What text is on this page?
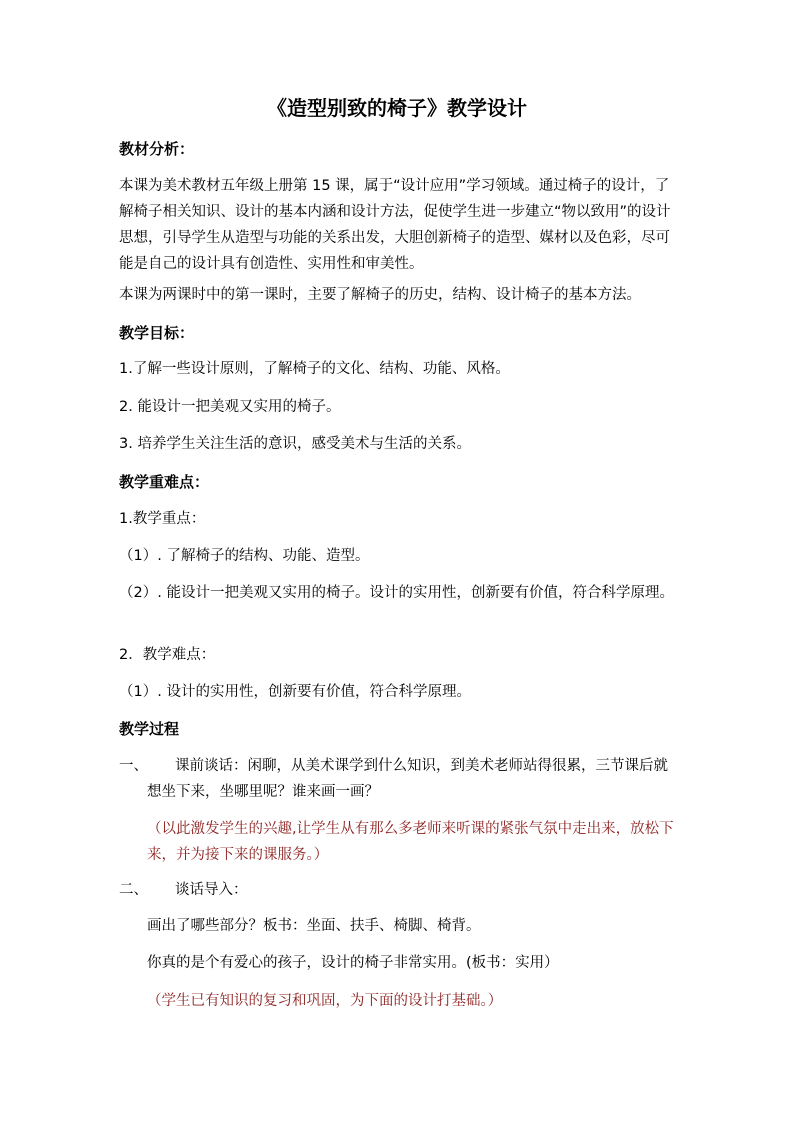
《造型别致的椅子》教学设计
教材分析：
本课为美术教材五年级上册第 15 课，属于“设计应用”学习领域。通过椅子的设计，了解椅子相关知识、设计的基本内涵和设计方法，促使学生进一步建立“物以致用”的设计思想，引导学生从造型与功能的关系出发，大胆创新椅子的造型、媒材以及色彩，尽可能是自己的设计具有创造性、实用性和审美性。
本课为两课时中的第一课时，主要了解椅子的历史，结构、设计椅子的基本方法。
教学目标：
1.了解一些设计原则，了解椅子的文化、结构、功能、风格。
2. 能设计一把美观又实用的椅子。
3. 培养学生关注生活的意识，感受美术与生活的关系。
教学重难点：
1.教学重点：
（1）. 了解椅子的结构、功能、造型。
（2）. 能设计一把美观又实用的椅子。设计的实用性，创新要有价值，符合科学原理。
2．教学难点：
（1）. 设计的实用性，创新要有价值，符合科学原理。
教学过程
一、 课前谈话：闲聊，从美术课学到什么知识，到美术老师站得很累，三节课后就想坐下来，坐哪里呢？谁来画一画？
（以此激发学生的兴趣,让学生从有那么多老师来听课的紧张气氛中走出来，放松下来，并为接下来的课服务。）
二、 谈话导入：
画出了哪些部分？板书：坐面、扶手、椅脚、椅背。
你真的是个有爱心的孩子，设计的椅子非常实用。(板书：实用）
（学生已有知识的复习和巩固，为下面的设计打基础。）
